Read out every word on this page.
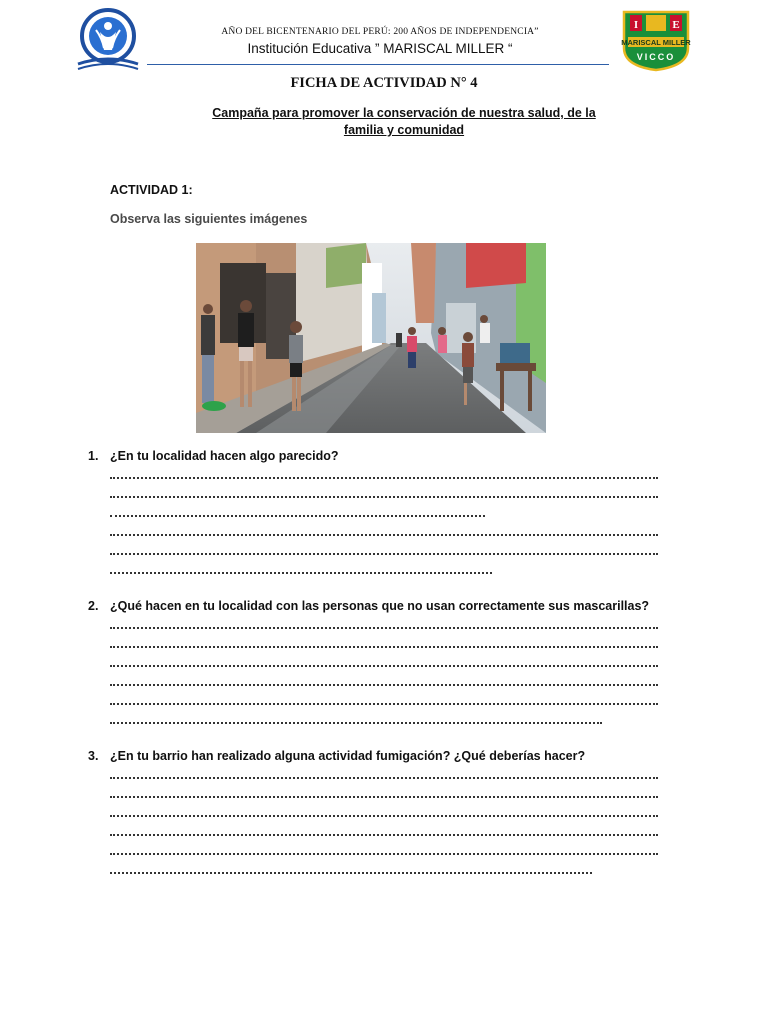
AÑO DEL BICENTENARIO DEL PERÚ: 200 AÑOS DE INDEPENDENCIA”
Institución Educativa ” MARISCAL MILLER “
I	E
MARISCAL MILLER
VICCO
FICHA DE ACTIVIDAD N° 4
Campaña para promover la conservación de nuestra salud, de la familia y comunidad
ACTIVIDAD 1:
Observa las siguientes imágenes
1. ¿En tu localidad hacen algo parecido?
2. ¿Qué hacen en tu localidad con las personas que no usan correctamente sus mascarillas?
3. ¿En tu barrio han realizado alguna actividad fumigación? ¿Qué deberías hacer?
